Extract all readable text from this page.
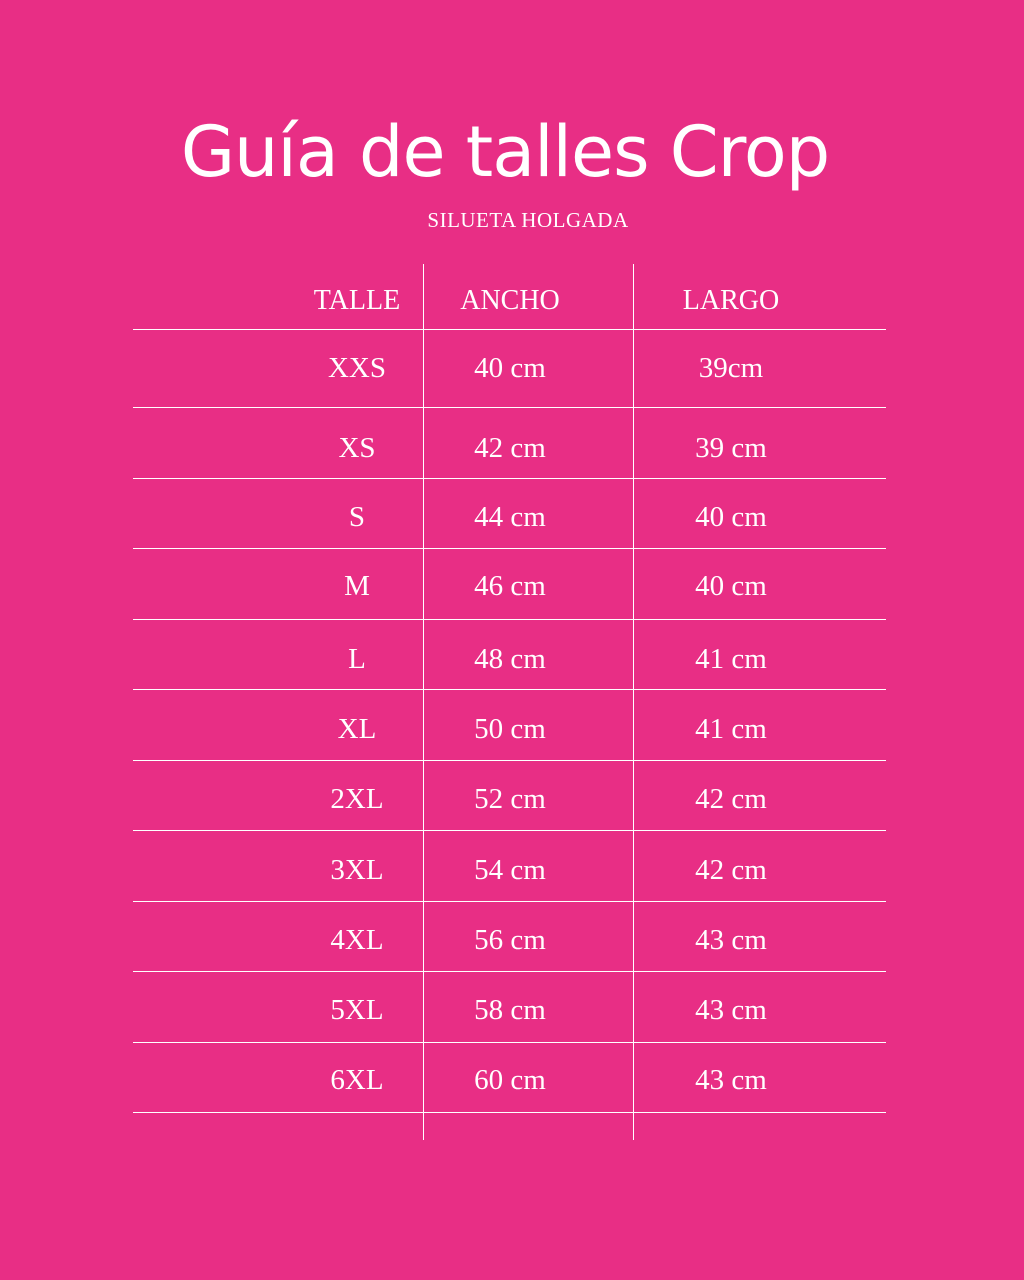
Guía de talles Crop
SILUETA HOLGADA
TALLE	ANCHO	LARGO
XXS	40 cm	39cm
XS	42 cm	39 cm
S	44 cm	40 cm
M	46 cm	40 cm
L	48 cm	41 cm
XL	50 cm	41 cm
2XL	52 cm	42 cm
3XL	54 cm	42 cm
4XL	56 cm	43 cm
5XL	58 cm	43 cm
6XL	60 cm	43 cm
